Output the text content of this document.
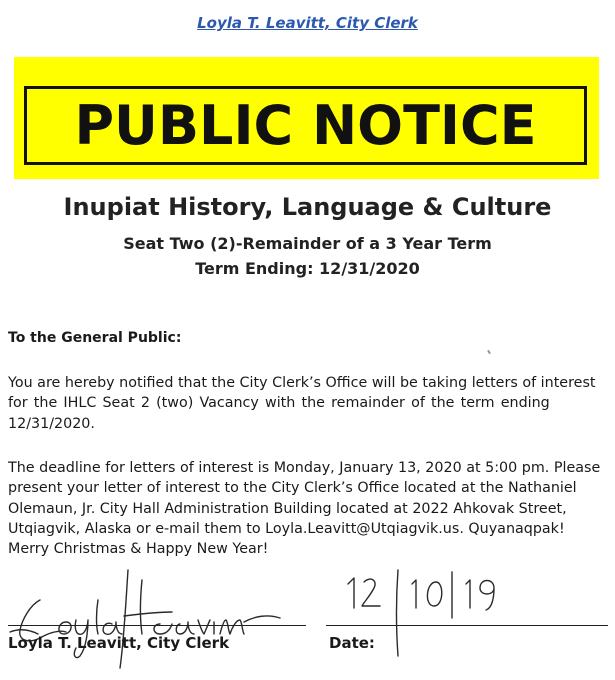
Loyla T. Leavitt, City Clerk
PUBLIC NOTICE
Inupiat History, Language & Culture
Seat Two (2)-Remainder of a 3 Year Term
Term Ending: 12/31/2020
To the General Public:
You are hereby notified that the City Clerk’s Office will be taking letters of interest
for the IHLC Seat 2 (two) Vacancy with the remainder of the term ending
12/31/2020.
The deadline for letters of interest is Monday, January 13, 2020 at 5:00 pm. Please
present your letter of interest to the City Clerk’s Office located at the Nathaniel
Olemaun, Jr. City Hall Administration Building located at 2022 Ahkovak Street,
Utqiagvik, Alaska or e-mail them to Loyla.Leavitt@Utqiagvik.us. Quyanaqpak!
Merry Christmas & Happy New Year!
Loyla T. Leavitt, City Clerk	Date:
